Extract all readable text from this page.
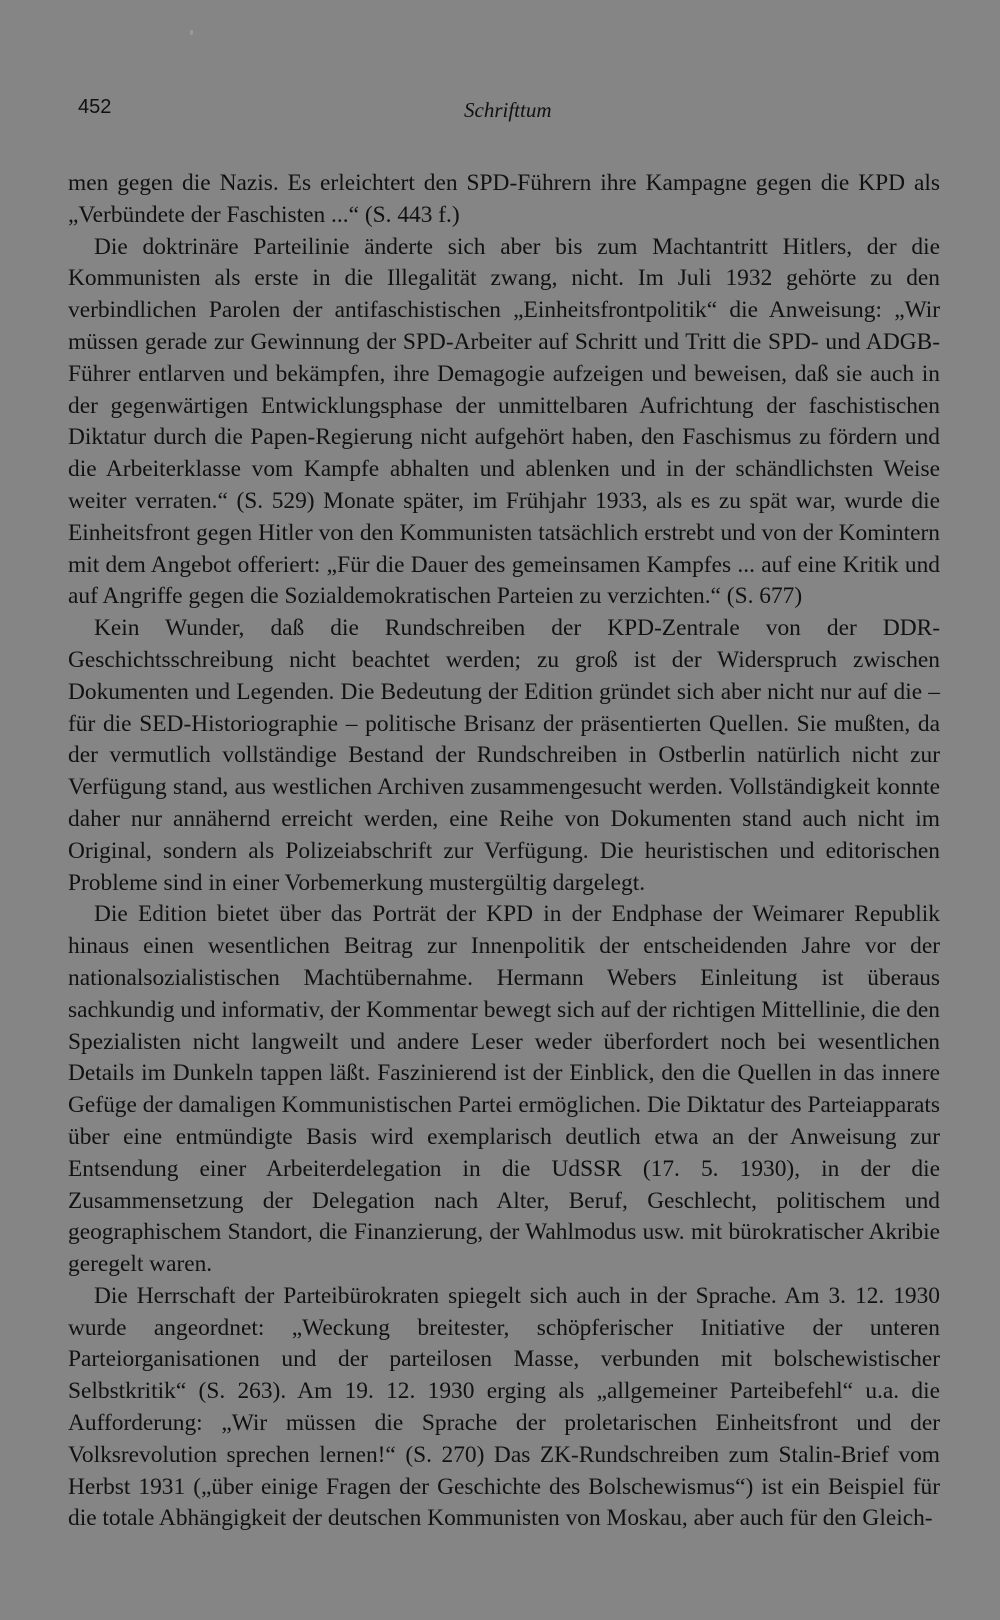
452	Schrifttum

men gegen die Nazis. Es erleichtert den SPD-Führern ihre Kampagne gegen die KPD als „Verbündete der Faschisten ...“ (S. 443 f.)

Die doktrinäre Parteilinie änderte sich aber bis zum Machtantritt Hitlers, der die Kommunisten als erste in die Illegalität zwang, nicht. Im Juli 1932 gehörte zu den verbindlichen Parolen der antifaschistischen „Einheitsfrontpolitik“ die Anweisung: „Wir müssen gerade zur Gewinnung der SPD-Arbeiter auf Schritt und Tritt die SPD- und ADGB-Führer entlarven und bekämpfen, ihre Demagogie aufzeigen und beweisen, daß sie auch in der gegenwärtigen Entwicklungsphase der unmittelbaren Aufrichtung der faschistischen Diktatur durch die Papen-Regierung nicht aufgehört haben, den Faschismus zu fördern und die Arbeiterklasse vom Kampfe abhalten und ablenken und in der schändlichsten Weise weiter verraten.“ (S. 529) Monate später, im Frühjahr 1933, als es zu spät war, wurde die Einheitsfront gegen Hitler von den Kommunisten tatsächlich erstrebt und von der Komintern mit dem Angebot offeriert: „Für die Dauer des gemeinsamen Kampfes ... auf eine Kritik und auf Angriffe gegen die Sozialdemokratischen Parteien zu verzichten.“ (S. 677)

Kein Wunder, daß die Rundschreiben der KPD-Zentrale von der DDR-Geschichtsschreibung nicht beachtet werden; zu groß ist der Widerspruch zwischen Dokumenten und Legenden. Die Bedeutung der Edition gründet sich aber nicht nur auf die – für die SED-Historiographie – politische Brisanz der präsentierten Quellen. Sie mußten, da der vermutlich vollständige Bestand der Rundschreiben in Ostberlin natürlich nicht zur Verfügung stand, aus westlichen Archiven zusammengesucht werden. Vollständigkeit konnte daher nur annähernd erreicht werden, eine Reihe von Dokumenten stand auch nicht im Original, sondern als Polizeiabschrift zur Verfügung. Die heuristischen und editorischen Probleme sind in einer Vorbemerkung mustergültig dargelegt.

Die Edition bietet über das Porträt der KPD in der Endphase der Weimarer Republik hinaus einen wesentlichen Beitrag zur Innenpolitik der entscheidenden Jahre vor der nationalsozialistischen Machtübernahme. Hermann Webers Einleitung ist überaus sachkundig und informativ, der Kommentar bewegt sich auf der richtigen Mittellinie, die den Spezialisten nicht langweilt und andere Leser weder überfordert noch bei wesentlichen Details im Dunkeln tappen läßt. Faszinierend ist der Einblick, den die Quellen in das innere Gefüge der damaligen Kommunistischen Partei ermöglichen. Die Diktatur des Parteiapparats über eine entmündigte Basis wird exemplarisch deutlich etwa an der Anweisung zur Entsendung einer Arbeiterdelegation in die UdSSR (17. 5. 1930), in der die Zusammensetzung der Delegation nach Alter, Beruf, Geschlecht, politischem und geographischem Standort, die Finanzierung, der Wahlmodus usw. mit bürokratischer Akribie geregelt waren.

Die Herrschaft der Parteibürokraten spiegelt sich auch in der Sprache. Am 3. 12. 1930 wurde angeordnet: „Weckung breitester, schöpferischer Initiative der unteren Parteiorganisationen und der parteilosen Masse, verbunden mit bolschewistischer Selbstkritik“ (S. 263). Am 19. 12. 1930 erging als „allgemeiner Parteibefehl“ u.a. die Aufforderung: „Wir müssen die Sprache der proletarischen Einheitsfront und der Volksrevolution sprechen lernen!“ (S. 270) Das ZK-Rundschreiben zum Stalin-Brief vom Herbst 1931 („über einige Fragen der Geschichte des Bolschewismus“) ist ein Beispiel für die totale Abhängigkeit der deutschen Kommunisten von Moskau, aber auch für den Gleich-
